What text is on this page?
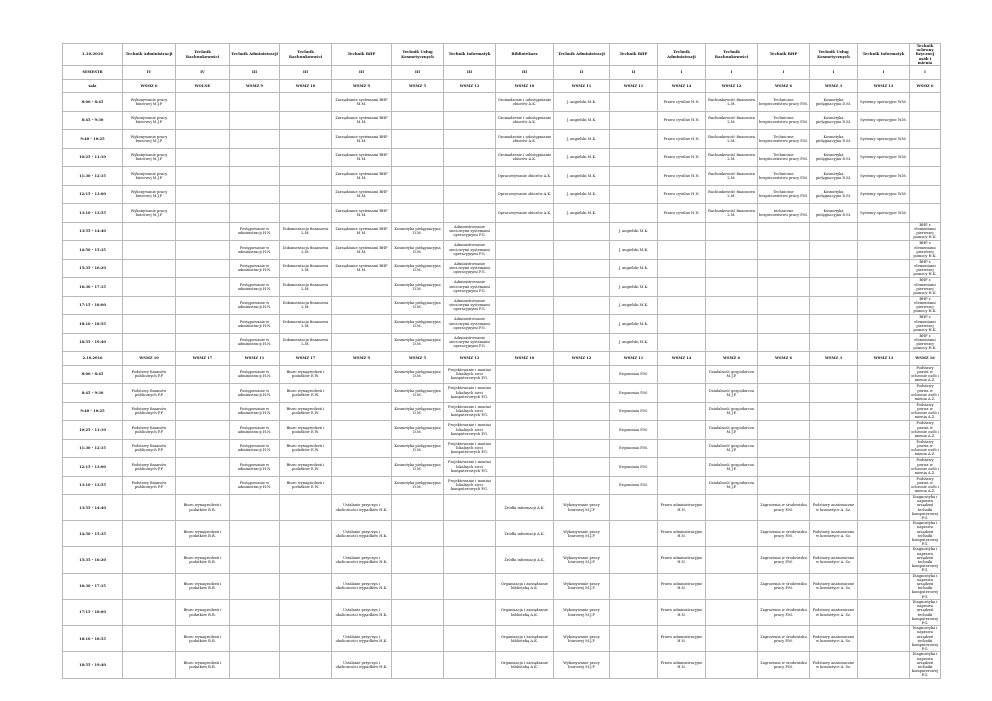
1.10.2016	Technik Administracji	Technik Rachunkowości	Technik Administracji	Technik Rachunkowości	Technik BHP	Technik Usług Kosmetycznych	Technik Informatyk	Bibliotekarz	Technik Administracji	Technik BHP	Technik Administracji	Technik Rachunkowości	Technik BHP	Technik Usług Kosmetycznych	Technik Informatyk	Technik ochrony fizycznej osób i mienia
SEMESTR	IV	IV	III	III	III	III	III	III	II	II	I	I	I	I	I	I
sala	WSMZ 6	WOLNE	WSMZ 9	WSMZ 10	WSMZ 9	WSMZ 5	WSMZ 13	WSMZ 10	WSMZ 11	WSMZ 11	WSMZ 14	WSMZ 12	WSMZ 6	WSMZ 3	WSMZ 13	WSMZ 6
8:00 - 8:45	Wykonywanie pracy biurowej M.J.P				Zarządzanie systemami BHP M.M.			Gromadzenie i udostępnianie zbiorów A.K.	J. angielski M.K.		Prawo cywilne H.N.	Rachunkowość finansowa L.M.	Techniczne bezpieczeństwo pracy P.M.	Kosmetyka pielęgnacyjna D.M.	Systemy operacyjne W.M.	
8:45 - 9:30	Wykonywanie pracy biurowej M.J.P				Zarządzanie systemami BHP M.M.			Gromadzenie i udostępnianie zbiorów A.K.	J. angielski M.K.		Prawo cywilne H.N.	Rachunkowość finansowa L.M.	Techniczne bezpieczeństwo pracy P.M.	Kosmetyka pielęgnacyjna D.M.	Systemy operacyjne W.M.	
9:40 - 10:25	Wykonywanie pracy biurowej M.J.P				Zarządzanie systemami BHP M.M.			Gromadzenie i udostępnianie zbiorów A.K.	J. angielski M.K.		Prawo cywilne H.N.	Rachunkowość finansowa L.M.	Techniczne bezpieczeństwo pracy P.M.	Kosmetyka pielęgnacyjna D.M.	Systemy operacyjne W.M.	
10:25 - 11:10	Wykonywanie pracy biurowej M.J.P				Zarządzanie systemami BHP M.M.			Gromadzenie i udostępnianie zbiorów A.K.	J. angielski M.K.		Prawo cywilne H.N.	Rachunkowość finansowa L.M.	Techniczne bezpieczeństwo pracy P.M.	Kosmetyka pielęgnacyjna D.M.	Systemy operacyjne W.M.	
11:30 - 12:15	Wykonywanie pracy biurowej M.J.P				Zarządzanie systemami BHP M.M.			Opracowywanie zbiorów A.K.	J. angielski M.K.		Prawo cywilne H.N.	Rachunkowość finansowa L.M.	Techniczne bezpieczeństwo pracy P.M.	Kosmetyka pielęgnacyjna D.M.	Systemy operacyjne W.M.	
12:15 - 13:00	Wykonywanie pracy biurowej M.J.P				Zarządzanie systemami BHP M.M.			Opracowywanie zbiorów A.K.	J. angielski M.K.		Prawo cywilne H.N.	Rachunkowość finansowa L.M.	Techniczne bezpieczeństwo pracy P.M.	Kosmetyka pielęgnacyjna D.M.	Systemy operacyjne W.M.	
13:10 - 13:55	Wykonywanie pracy biurowej M.J.P				Zarządzanie systemami BHP M.M.			Opracowywanie zbiorów A.K.	J. angielski M.K.		Prawo cywilne H.N.	Rachunkowość finansowa L.M.	techniczne bezpieczeństwo pracy P.M.	Kosmetyka pielęgnacyjna D.M.	Systemy operacyjne W.M.	
13:55 - 14:40			Postępowanie w administracji H.N.	Dokumentacja finansowa L.M.	Zarządzanie systemami BHP M.M.	Kosmetyka pielęgnacyjna D.M.	Administrowanie sieciowymi systemami operacyjnymi P.G.			J. angielski M.K.						BHP z elementami pierwszej pomocy H.K.
14:50 - 15:35			Postępowanie w administracji H.N.	Dokumentacja finansowa L.M.	Zarządzanie systemami BHP M.M.	Kosmetyka pielęgnacyjna D.M.	Administrowanie sieciowymi systemami operacyjnymi P.G.			J. angielski M.K.						BHP z elementami pierwszej pomocy H.K.
15:35 - 16:20			Postępowanie w administracji H.N.	Dokumentacja finansowa L.M.	Zarządzanie systemami BHP M.M.	Kosmetyka pielęgnacyjna D.M.	Administrowanie sieciowymi systemami operacyjnymi P.G.			J. angielski M.K.						BHP z elementami pierwszej pomocy H.K.
16:30 - 17:15			Postępowanie w administracji H.N.	Dokumentacja finansowa L.M.		Kosmetyka pielęgnacyjna D.M.	Administrowanie sieciowymi systemami operacyjnymi P.G.			J. angielski M.K.						BHP z elementami pierwszej pomocy H.K.
17:15 - 18:00			Postępowanie w administracji H.N.	Dokumentacja finansowa L.M.		Kosmetyka pielęgnacyjna D.M.	Administrowanie sieciowymi systemami operacyjnymi P.G.			J. angielski M.K.						BHP z elementami pierwszej pomocy H.K.
18:10 - 18:55			Postępowanie w administracji H.N.	Dokumentacja finansowa L.M.		Kosmetyka pielęgnacyjna D.M.	Administrowanie sieciowymi systemami operacyjnymi P.G.			J. angielski M.K.						BHP z elementami pierwszej pomocy H.K.
18:55 - 19:40			Postępowanie w administracji H.N.	Dokumentacja finansowa L.M.		Kosmetyka pielęgnacyjna D.M.	Administrowanie sieciowymi systemami operacyjnymi P.G.			J. angielski M.K.						BHP z elementami pierwszej pomocy H.K.
2.10.2016	WSMZ 10	WSMZ 17	WSMZ 11	WSMZ 17	WSMZ 9	WSMZ 5	WSMZ 13	WSMZ 10	WSMZ 12	WSMZ 11	WSMZ 14	WSMZ 6	WSMZ 6	WSMZ 3	WSMZ 13	WSMZ 16
8:00 - 8:45	Podstawy finansów publicznych P.P		Postępowanie w administracji H.N.	Biuro wynagrodzeń i podatków E.W.		Kosmetyka pielęgnacyjna D.M.	Projektowanie i montaż lokalnych sieci komputerowych P.G.			Ergonomia P.M.		Działalność gospodarcza M.J.P.				Podstawy prawa w ochronie osób i mienia A.Z.
8:45 - 9:30	Podstawy finansów publicznych P.P		Postępowanie w administracji H.N.	Biuro wynagrodzeń i podatków E.W.		Kosmetyka pielęgnacyjna D.M.	Projektowanie i montaż lokalnych sieci komputerowych P.G.			Ergonomia P.M.		Działalność gospodarcza M.J.P.				Podstawy prawa w ochronie osób i mienia A.Z.
9:40 - 10:25	Podstawy finansów publicznych P.P		Postępowanie w administracji H.N.	Biuro wynagrodzeń i podatków E.W.		Kosmetyka pielęgnacyjna D.M.	Projektowanie i montaż lokalnych sieci komputerowych P.G.			Ergonomia P.M.		Działalność gospodarcza M.J.P.				Podstawy prawa w ochronie osób i mienia A.Z.
10:25 - 11:10	Podstawy finansów publicznych P.P		Postępowanie w administracji H.N.	Biuro wynagrodzeń i podatków E.W.		Kosmetyka pielęgnacyjna D.M.	Projektowanie i montaż lokalnych sieci komputerowych P.G.			Ergonomia P.M.		Działalność gospodarcza M.J.P.				Podstawy prawa w ochronie osób i mienia A.Z.
11:30 - 12:15	Podstawy finansów publicznych P.P		Postępowanie w administracji H.N.	Biuro wynagrodzeń i podatków E.W.		Kosmetyka pielęgnacyjna D.M.	Projektowanie i montaż lokalnych sieci komputerowych P.G.			Ergonomia P.M.		Działalność gospodarcza M.J.P.				Podstawy prawa w ochronie osób i mienia A.Z.
12:15 - 13:00	Podstawy finansów publicznych P.P		Postępowanie w administracji H.N.	Biuro wynagrodzeń i podatków E.W.		Kosmetyka pielęgnacyjna D.M.	Projektowanie i montaż lokalnych sieci komputerowych P.G.			Ergonomia P.M.		Działalność gospodarcza M.J.P.				Podstawy prawa w ochronie osób i mienia A.Z.
13:10 - 13:55	Podstawy finansów publicznych P.P		Postępowanie w administracji H.N.	Biuro wynagrodzeń i podatków E.W.		Kosmetyka pielęgnacyjna D.M.	Projektowanie i montaż lokalnych sieci komputerowych P.G.			Ergonomia P.M.		Działalność gospodarcza M.J.P.				Podstawy prawa w ochronie osób i mienia A.Z.
13:55 - 14:40		Biuro wynagrodzeń i podatków B.B.			Ustalanie przyczyn i okoliczności wypadków H.K.			Źródła informacji A.K.	Wykonywanie pracy biurowej M.J.P		Prawo administracyjne H.N.		Zagrożenia w środowisku pracy P.M.	Podstawy anatomiczne w kosmetyce A. Sz.		Diagnostyka i naprawa urządzeń techniki komputerowej P.G.
14:50 - 15:35		Biuro wynagrodzeń i podatków B.B.			Ustalanie przyczyn i okoliczności wypadków H.K.			Źródła informacji A.K.	Wykonywanie pracy biurowej M.J.P		Prawo administracyjne H.N.		Zagrożenia w środowisku pracy P.M.	Podstawy anatomiczne w kosmetyce A. Sz.		Diagnostyka i naprawa urządzeń techniki komputerowej P.G.
15:35 - 16:20		Biuro wynagrodzeń i podatków B.B.			Ustalanie przyczyn i okoliczności wypadków H.K.			Źródła informacji A.K.	Wykonywanie pracy biurowej M.J.P		Prawo administracyjne H.N.		Zagrożenia w środowisku pracy P.M.	Podstawy anatomiczne w kosmetyce A. Sz.		Diagnostyka i naprawa urządzeń techniki komputerowej P.G.
16:30 - 17:15		Biuro wynagrodzeń i podatków B.B.			Ustalanie przyczyn i okoliczności wypadków H.K.			Organizacja i zarządzanie biblioteką A.K.	Wykonywanie pracy biurowej M.J.P		Prawo administracyjne H.N.		Zagrożenia w środowisku pracy P.M.	Podstawy anatomiczne w kosmetyce A. Sz.		Diagnostyka i naprawa urządzeń techniki komputerowej P.G.
17:15 - 18:00		Biuro wynagrodzeń i podatków B.B.			Ustalanie przyczyn i okoliczności wypadków H.K.			Organizacja i zarządzanie biblioteką A.K.	Wykonywanie pracy biurowej M.J.P		Prawo administracyjne H.N.		Zagrożenia w środowisku pracy P.M.	Podstawy anatomiczne w kosmetyce A. Sz.		Diagnostyka i naprawa urządzeń techniki komputerowej P.G.
18:10 - 18:55		Biuro wynagrodzeń i podatków B.B.			Ustalanie przyczyn i okoliczności wypadków H.K.			Organizacja i zarządzanie biblioteką A.K.	Wykonywanie pracy biurowej M.J.P		Prawo administracyjne H.N.		Zagrożenia w środowisku pracy P.M.	Podstawy anatomiczne w kosmetyce A. Sz.		Diagnostyka i naprawa urządzeń techniki komputerowej P.G.
18:55 - 19:40		Biuro wynagrodzeń i podatków B.B.			Ustalanie przyczyn i okoliczności wypadków H.K.			Organizacja i zarządzanie biblioteką A.K.	Wykonywanie pracy biurowej M.J.P		Prawo administracyjne H.N.		Zagrożenia w środowisku pracy P.M.	Podstawy anatomiczne w kosmetyce A. Sz.		Diagnostyka i naprawa urządzeń techniki komputerowej P.G.
